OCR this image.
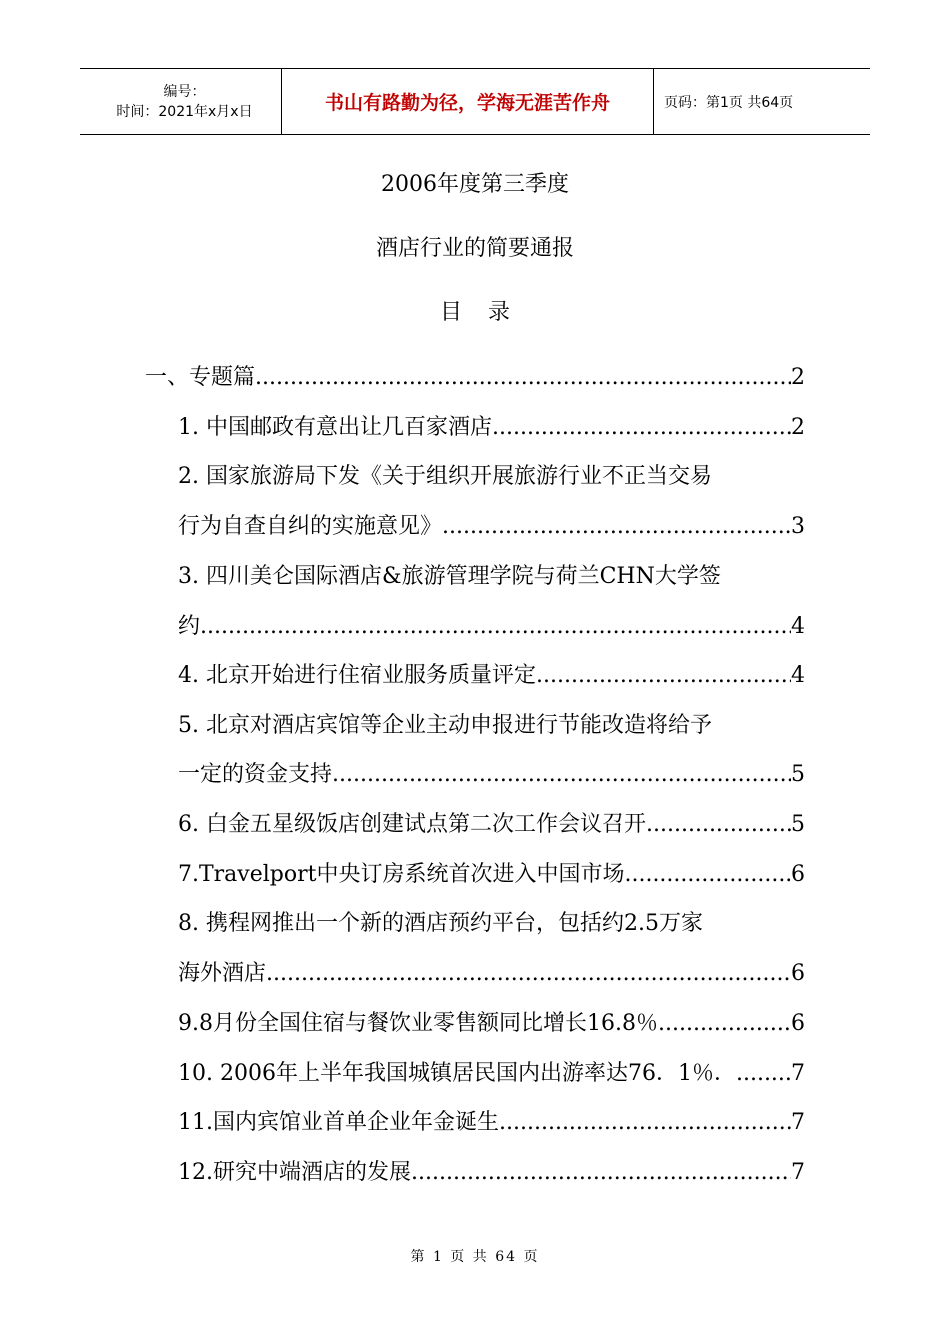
编号：
时间：2021年x月x日	书山有路勤为径，学海无涯苦作舟	页码：第1页 共64页
2006年度第三季度
酒店行业的简要通报
目录
一、专题篇 .....	2
1. 中国邮政有意出让几百家酒店 .....	2
2. 国家旅游局下发《关于组织开展旅游行业不正当交易
行为自查自纠的实施意见》 .....	3
3. 四川美仑国际酒店&旅游管理学院与荷兰CHN大学签
约 .....	4
4. 北京开始进行住宿业服务质量评定 .....	4
5. 北京对酒店宾馆等企业主动申报进行节能改造将给予
一定的资金支持 .....	5
6. 白金五星级饭店创建试点第二次工作会议召开 .....	5
7.Travelport中央订房系统首次进入中国市场 .....	6
8. 携程网推出一个新的酒店预约平台，包括约2.5万家
海外酒店 .....	6
9.8月份全国住宿与餐饮业零售额同比增长16.8％ .....	6
10. 2006年上半年我国城镇居民国内出游率达76．1％． .....	7
11.国内宾馆业首单企业年金诞生 .....	7
12.研究中端酒店的发展 .....	7
第 1 页 共 64 页
